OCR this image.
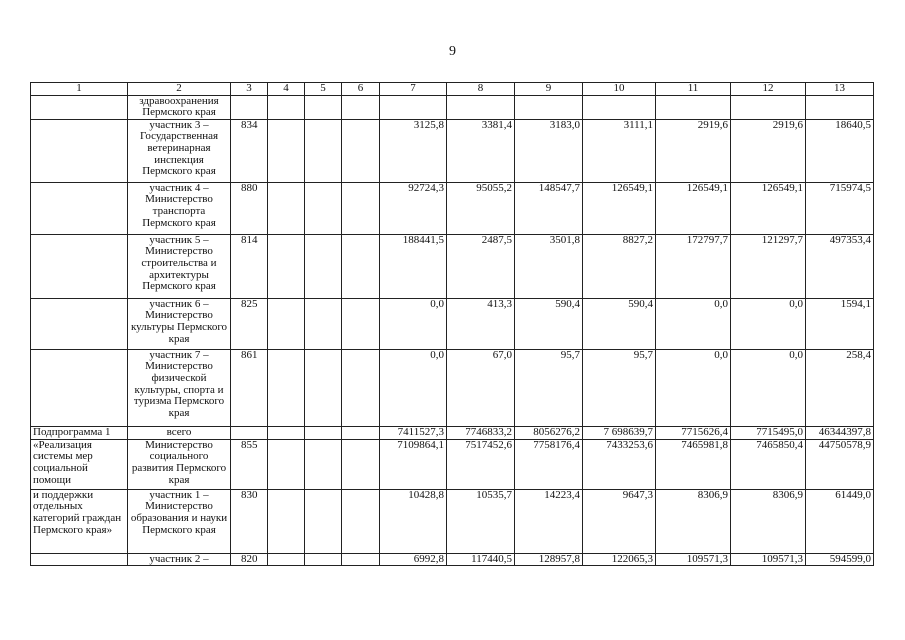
9
1	2	3	4	5	6	7	8	9	10	11	12	13
	здравоохранения Пермского края											
	участник 3 – Государственная ветеринарная инспекция Пермского края	834				3125,8	3381,4	3183,0	3111,1	2919,6	2919,6	18640,5
	участник 4 – Министерство транспорта Пермского края	880				92724,3	95055,2	148547,7	126549,1	126549,1	126549,1	715974,5
	участник 5 – Министерство строительства и архитектуры Пермского края	814				188441,5	2487,5	3501,8	8827,2	172797,7	121297,7	497353,4
	участник 6 – Министерство культуры Пермского края	825				0,0	413,3	590,4	590,4	0,0	0,0	1594,1
	участник 7 – Министерство физической культуры, спорта и туризма Пермского края	861				0,0	67,0	95,7	95,7	0,0	0,0	258,4
Подпрограмма 1	всего					7411527,3	7746833,2	8056276,2	7 698639,7	7715626,4	7715495,0	46344397,8
«Реализация системы мер социальной помощи	Министерство социального развития Пермского края	855				7109864,1	7517452,6	7758176,4	7433253,6	7465981,8	7465850,4	44750578,9
и поддержки отдельных категорий граждан Пермского края»	участник 1 – Министерство образования и науки Пермского края	830				10428,8	10535,7	14223,4	9647,3	8306,9	8306,9	61449,0
	участник 2 –	820				6992,8	117440,5	128957,8	122065,3	109571,3	109571,3	594599,0
